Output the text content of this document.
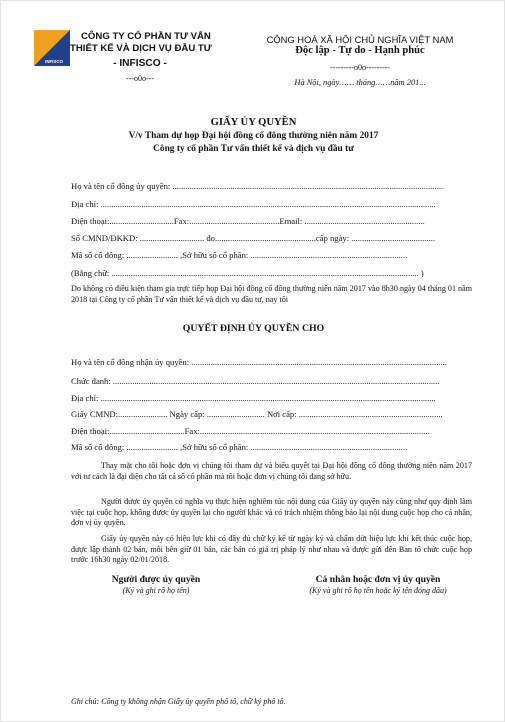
INFISCO
CÔNG TY CỔ PHẦN TƯ VẤN
THIẾT KẾ VÀ DỊCH VỤ ĐẦU TƯ
- INFISCO -
---o0o---
CỘNG HOÀ XÃ HỘI CHỦ NGHĨA VIỆT NAM
Độc lập - Tự do - Hạnh phúc
---------o0o---------
Hà Nội, ngày…… tháng……năm 201...
GIẤY ỦY QUYỀN
V/v Tham dự họp Đại hội đồng cổ đông thường niên năm 2017
Công ty cổ phần Tư vấn thiết kế và dịch vụ đầu tư
Họ và tên cổ đông ủy quyền: ..............................................................................................................................
Địa chỉ: ............................................................................................................................................................
Điện thoại:..............................Fax:..........................................Email: ........................................................
Số CMND/ĐKKD: .............................. do...............................................cấp ngày: .......................................
Mã số cổ đông: ........................ ,Sở hữu số cổ phần: .........................................................................
(Bằng chữ: ............................................................................................................................................... )
Do không có điều kiện tham gia trực tiếp họp Đại hội đồng cổ đông thường niên năm 2017 vào 8h30 ngày 04 tháng 01 năm 2018 tại Công ty cổ phần Tư vấn thiết kế và dịch vụ đầu tư, nay tôi
QUYẾT ĐỊNH ỦY QUYỀN CHO
Họ và tên cổ đông nhận ủy quyền: .......................................................................................................................
Chức danh: ........................................................................................................................................................
Địa chỉ: ............................................................................................................................................................
Giấy CMND:....................... Ngày cấp: ........................... Nơi cấp: ...................................................................
Điện thoại:...................................Fax:...........................................................................................................
Mã số cổ đông: ........................ ,Sở hữu số cổ phần: .........................................................................
Thay mặt cho tôi hoặc đơn vị chúng tôi tham dự và biểu quyết tại Đại hội đồng cổ đông thường niên năm 2017 với tư cách là đại diện cho tất cả số cổ phần mà tôi hoặc đơn vị chúng tôi đang sở hữu.
Người được ủy quyền có nghĩa vụ thực hiện nghiêm túc nội dung của Giấy ủy quyền này cũng như quy định làm việc tại cuộc họp, không được ủy quyền lại cho người khác và có trách nhiệm thông báo lại nội dung cuộc họp cho cá nhân, đơn vị ủy quyền.
Giấy ủy quyền này có hiệu lực khi có đầy đủ chữ ký kể từ ngày ký và chấm dứt hiệu lực khi kết thúc cuộc họp, được lập thành 02 bản, mỗi bên giữ 01 bản, các bản có giá trị pháp lý như nhau và được gửi đến Ban tổ chức cuộc họp trước 16h30 ngày 02/01/2018.
Người được ủy quyền
(Ký và ghi rõ họ tên)
Cá nhân hoặc đơn vị ủy quyền
(Ký và ghi rõ họ tên hoặc ký tên đóng dấu)
Ghi chú: Công ty không nhận Giấy ủy quyền phô tô, chữ ký phô tô.
